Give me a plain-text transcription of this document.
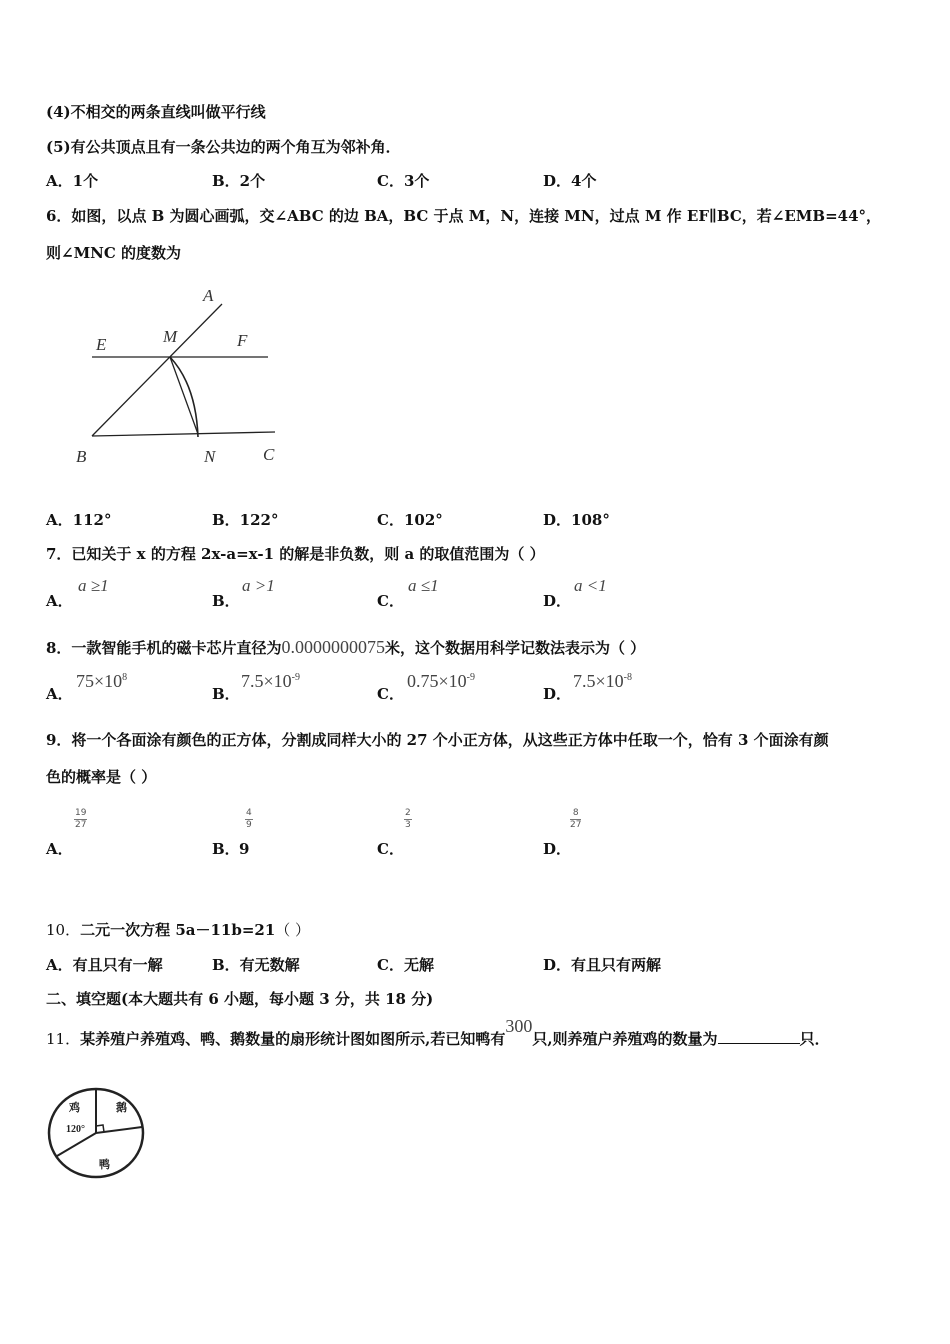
(4)不相交的两条直线叫做平行线
(5)有公共顶点且有一条公共边的两个角互为邻补角．
A．1个	B．2个	C．3个	D．4个
6．如图，以点 B 为圆心画弧，交∠ABC 的边 BA，BC 于点 M，N，连接 MN，过点 M 作 EF∥BC，若∠EMB=44°，
则∠MNC 的度数为
A
E	M	F
B	N	C
A．112°	B．122°	C．102°	D．108°
7．已知关于 x 的方程 2x-a=x-1 的解是非负数，则 a 的取值范围为（ ）
A．
a ≥1
B．
a >1
C．
a ≤1
D．
a <1
8．一款智能手机的磁卡芯片直径为0.0000000075米，这个数据用科学记数法表示为（ ）
A．
$75\times 10^8$
B．
$7.5\times 10^{-9}$
C．
$0.75\times 10^{-9}$
D．
$7.5\times 10^{-8}$
9．将一个各面涂有颜色的正方体，分割成同样大小的 27 个小正方体，从这些正方体中任取一个，恰有 3 个面涂有颜
色的概率是（ ）
A．
$\frac{19}{27}$
B．
$\frac{4}{9}$
9	C．
$\frac{2}{3}$
D．
$\frac{8}{27}$
10．二元一次方程 5a－11b=21（ ）
A．有且只有一解	B．有无数解	C．无解	D．有且只有两解
二、填空题(本大题共有 6 小题，每小题 3 分，共 18 分)
11．某养殖户养殖鸡、鸭、鹅数量的扇形统计图如图所示,若已知鸭有300只,则养殖户养殖鸡的数量为	只．
鸡
120°
鹅
鸭
